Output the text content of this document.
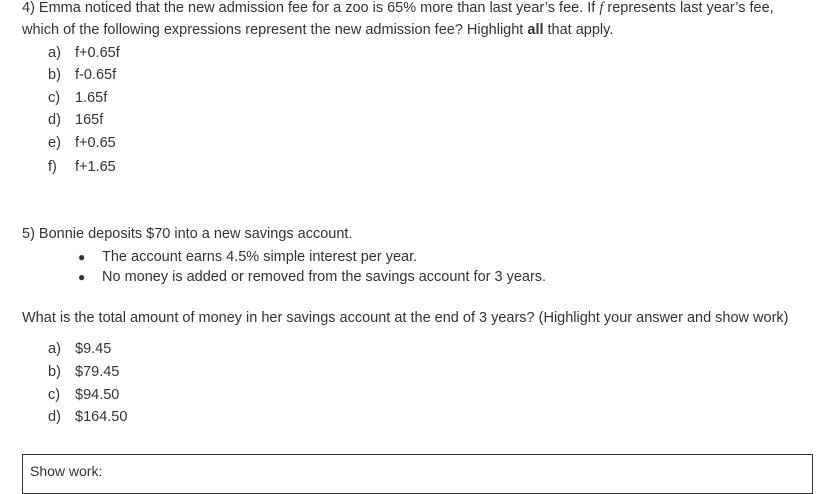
4) Emma noticed that the new admission fee for a zoo is 65% more than last year’s fee. If f represents last year’s fee,
which of the following expressions represent the new admission fee? Highlight all that apply.
a) f+0.65f
b) f-0.65f
c) 1.65f
d) 165f
e) f+0.65
f) f+1.65
5) Bonnie deposits $70 into a new savings account.
● The account earns 4.5% simple interest per year.
● No money is added or removed from the savings account for 3 years.
What is the total amount of money in her savings account at the end of 3 years? (Highlight your answer and show work)
a) $9.45
b) $79.45
c) $94.50
d) $164.50
Show work:
